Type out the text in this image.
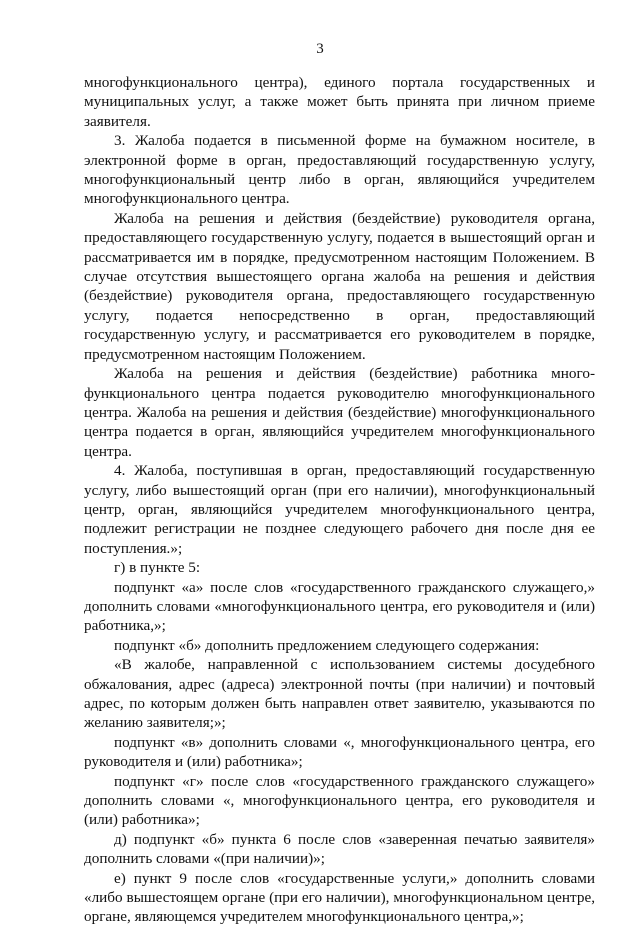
3

многофункционального центра), единого портала государственных и муниципальных услуг, а также может быть принята при личном приеме заявителя.

3. Жалоба подается в письменной форме на бумажном носителе, в электронной форме в орган, предоставляющий государственную услугу, многофункциональный центр либо в орган, являющийся учредителем многофункционального центра.

Жалоба на решения и действия (бездействие) руководителя органа, предоставляющего государственную услугу, подается в вышестоящий орган и рассматривается им в порядке, предусмотренном настоящим Положением. В случае отсутствия вышестоящего органа жалоба на решения и действия (бездействие) руководителя органа, предоставляющего государственную услугу, подается непосредственно в орган, предоставляющий государственную услугу, и рассматривается его руководителем в порядке, предусмотренном настоящим Положением.

Жалоба на решения и действия (бездействие) работника много-функционального центра подается руководителю многофункционального центра. Жалоба на решения и действия (бездействие) многофункционального центра подается в орган, являющийся учредителем многофункционального центра.

4. Жалоба, поступившая в орган, предоставляющий государственную услугу, либо вышестоящий орган (при его наличии), многофункциональный центр, орган, являющийся учредителем многофункционального центра, подлежит регистрации не позднее следующего рабочего дня после дня ее поступления.»;

г) в пункте 5:

подпункт «а» после слов «государственного гражданского служащего,» дополнить словами «многофункционального центра, его руководителя и (или) работника,»;

подпункт «б» дополнить предложением следующего содержания:

«В жалобе, направленной с использованием системы досудебного обжалования, адрес (адреса) электронной почты (при наличии) и почтовый адрес, по которым должен быть направлен ответ заявителю, указываются по желанию заявителя;»;

подпункт «в» дополнить словами «, многофункционального центра, его руководителя и (или) работника»;

подпункт «г» после слов «государственного гражданского служащего» дополнить словами «, многофункционального центра, его руководителя и (или) работника»;

д) подпункт «б» пункта 6 после слов «заверенная печатью заявителя» дополнить словами «(при наличии)»;

е) пункт 9 после слов «государственные услуги,» дополнить словами «либо вышестоящем органе (при его наличии), многофункциональном центре, органе, являющемся учредителем многофункционального центра,»;
